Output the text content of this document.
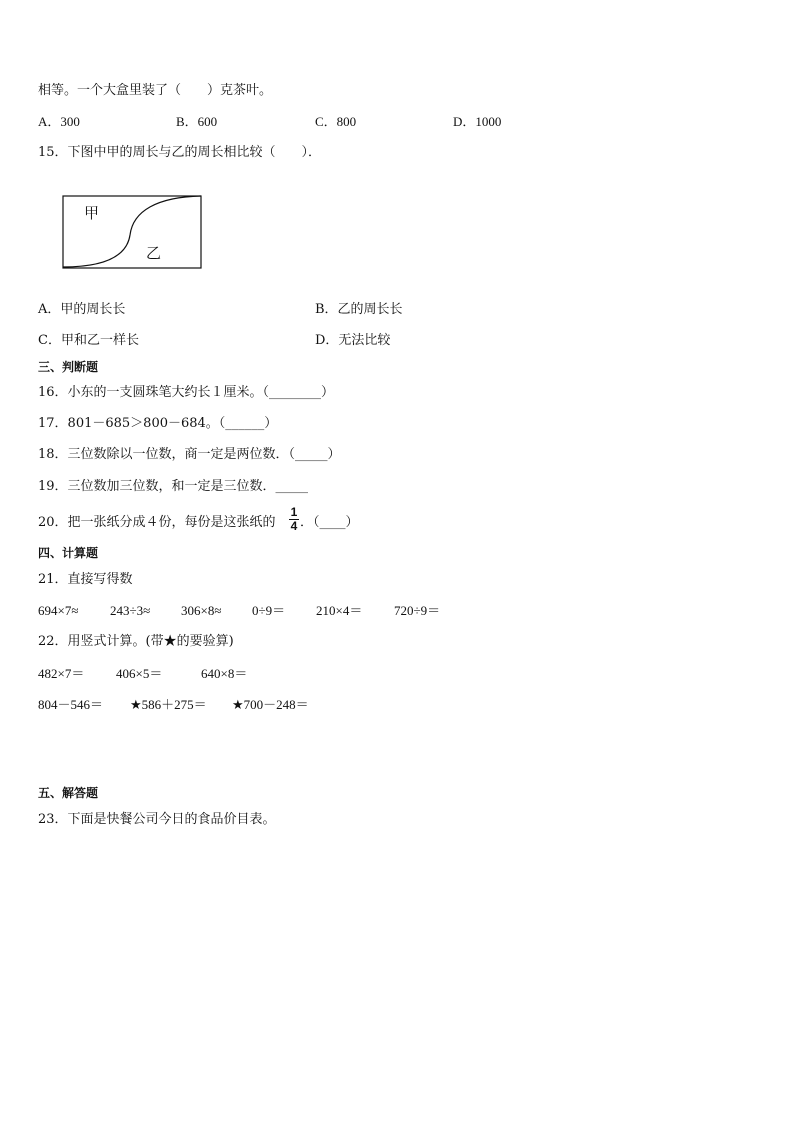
相等。一个大盒里装了（　　）克茶叶。
A．300	B．600	C．800	D．1000
15．下图中甲的周长与乙的周长相比较（　　）．
甲
乙
A．甲的周长长	B．乙的周长长
C．甲和乙一样长	D．无法比较
三、判断题
16．小东的一支圆珠笔大约长１厘米。（________）
17．801－685＞800－684。（______）
18．三位数除以一位数，商一定是两位数．（_____）
19．三位数加三位数，和一定是三位数．_____
20．把一张纸分成４份，每份是这张纸的
1
4 ．（____）
四、计算题
21．直接写得数
694×7≈ 243÷3≈ 306×8≈ 0÷9＝ 210×4＝ 720÷9＝
22．用竖式计算。(带★的要验算)
482×7＝ 406×5＝	640×8＝
804－546＝ ★586＋275＝ ★700－248＝
五、解答题
23．下面是快餐公司今日的食品价目表。
